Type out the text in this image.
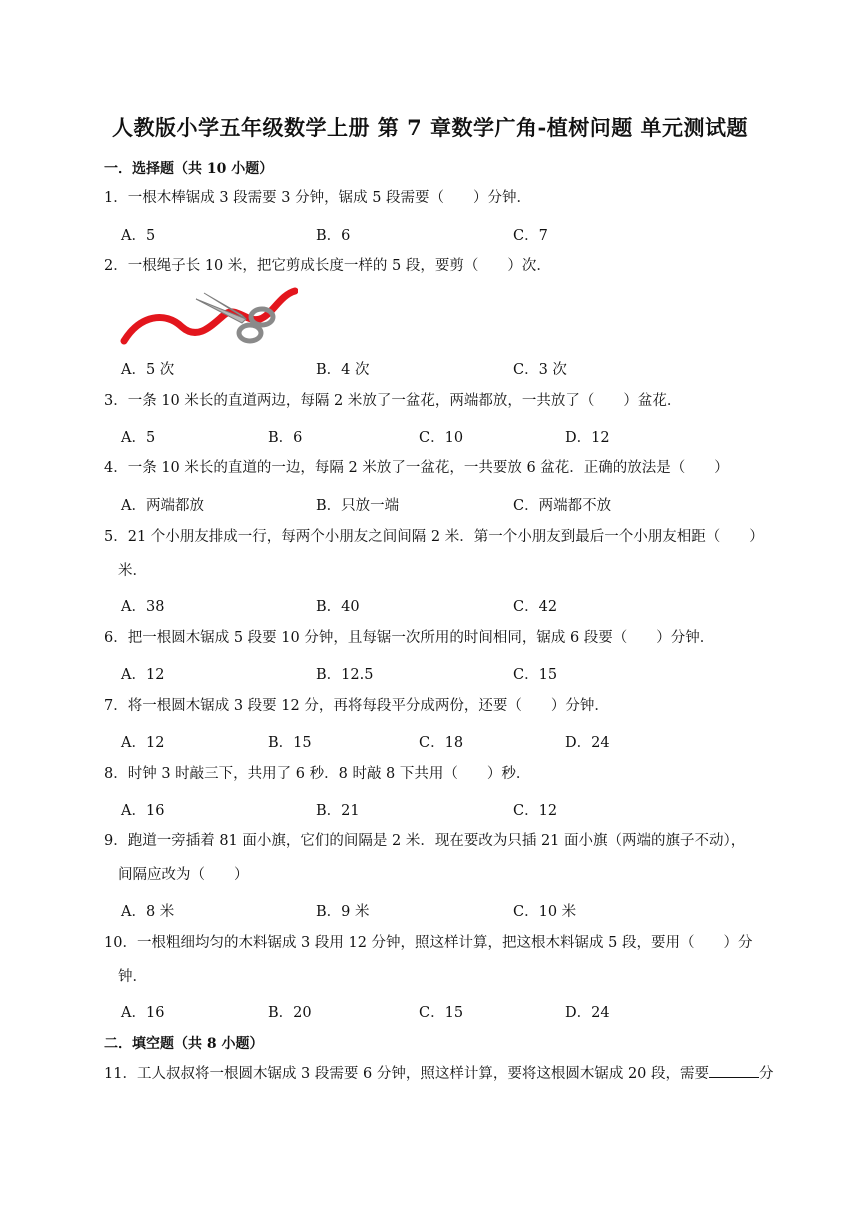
人教版小学五年级数学上册 第 7 章数学广角-植树问题 单元测试题
一．选择题（共 10 小题）
1．一根木棒锯成 3 段需要 3 分钟，锯成 5 段需要（　　）分钟．
A．5	B．6	C．7
2．一根绳子长 10 米，把它剪成长度一样的 5 段，要剪（　　）次．
A．5 次	B．4 次	C．3 次
3．一条 10 米长的直道两边，每隔 2 米放了一盆花，两端都放，一共放了（　　）盆花．
A．5	B．6	C．10	D．12
4．一条 10 米长的直道的一边，每隔 2 米放了一盆花，一共要放 6 盆花．正确的放法是（　　）
A．两端都放	B．只放一端	C．两端都不放
5．21 个小朋友排成一行，每两个小朋友之间间隔 2 米．第一个小朋友到最后一个小朋友相距（　　）
米．
A．38	B．40	C．42
6．把一根圆木锯成 5 段要 10 分钟，且每锯一次所用的时间相同，锯成 6 段要（　　）分钟．
A．12	B．12.5	C．15
7．将一根圆木锯成 3 段要 12 分，再将每段平分成两份，还要（　　）分钟．
A．12	B．15	C．18	D．24
8．时钟 3 时敲三下，共用了 6 秒．8 时敲 8 下共用（　　）秒．
A．16	B．21	C．12
9．跑道一旁插着 81 面小旗，它们的间隔是 2 米．现在要改为只插 21 面小旗（两端的旗子不动），
间隔应改为（　　）
A．8 米	B．9 米	C．10 米
10．一根粗细均匀的木料锯成 3 段用 12 分钟，照这样计算，把这根木料锯成 5 段，要用（　　）分
钟．
A．16	B．20	C．15	D．24
二．填空题（共 8 小题）
11．工人叔叔将一根圆木锯成 3 段需要 6 分钟，照这样计算，要将这根圆木锯成 20 段，需要	分
